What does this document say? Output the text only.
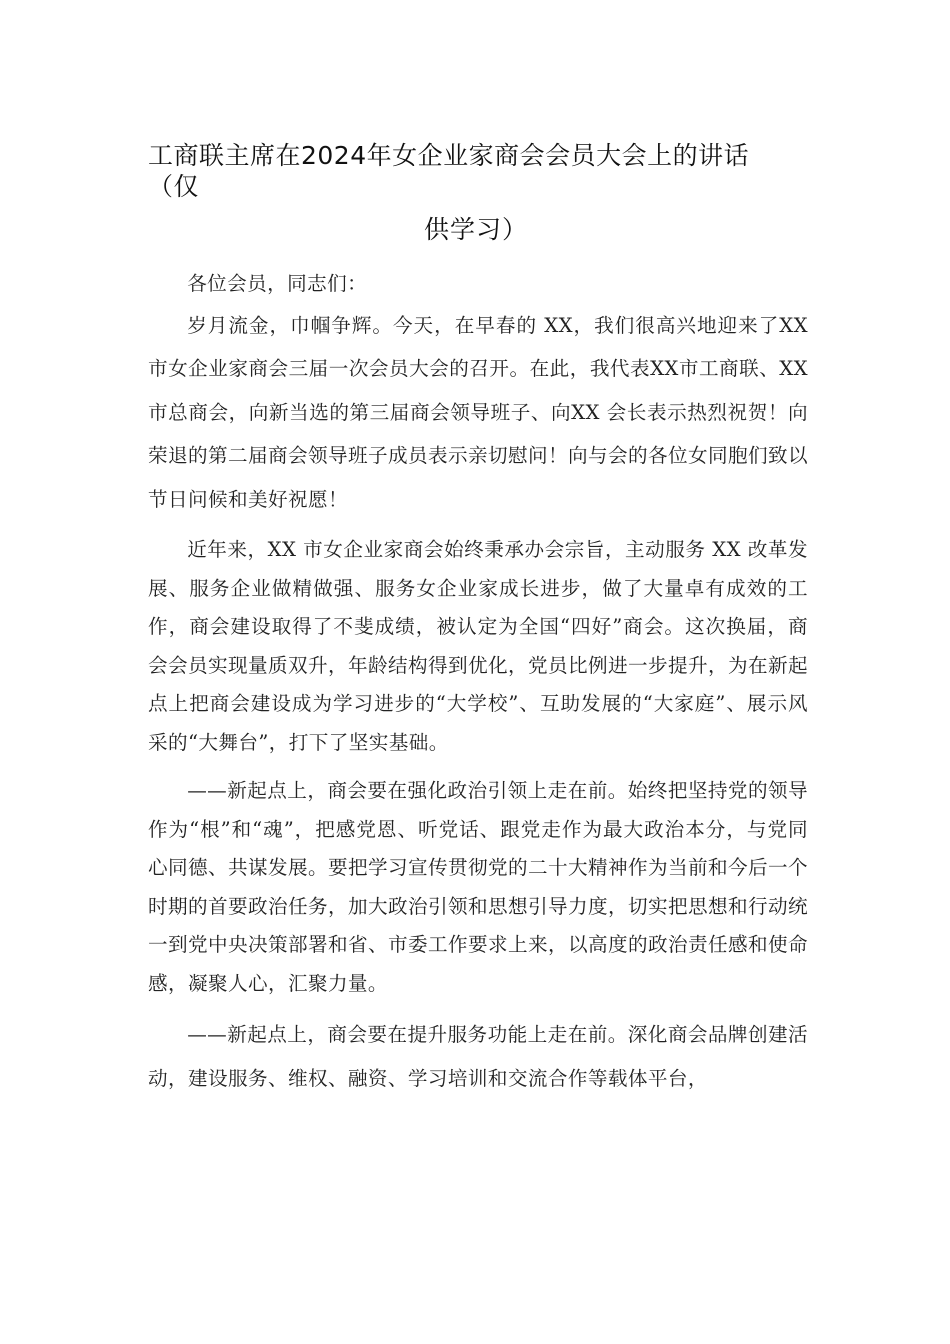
工商联主席在2024年女企业家商会会员大会上的讲话
（仅
供学习）

各位会员，同志们：

岁月流金，巾帼争辉。今天，在早春的 XX，我们很高兴地迎来了XX市女企业家商会三届一次会员大会的召开。在此，我代表XX市工商联、XX 市总商会，向新当选的第三届商会领导班子、向XX 会长表示热烈祝贺！向荣退的第二届商会领导班子成员表示亲切慰问！向与会的各位女同胞们致以节日问候和美好祝愿！

近年来，XX 市女企业家商会始终秉承办会宗旨，主动服务 XX 改革发展、服务企业做精做强、服务女企业家成长进步，做了大量卓有成效的工作，商会建设取得了不斐成绩，被认定为全国“四好”商会。这次换届，商会会员实现量质双升，年龄结构得到优化，党员比例进一步提升，为在新起点上把商会建设成为学习进步的“大学校”、互助发展的“大家庭”、展示风采的“大舞台”，打下了坚实基础。

——新起点上，商会要在强化政治引领上走在前。始终把坚持党的领导作为“根”和“魂”，把感党恩、听党话、跟党走作为最大政治本分，与党同心同德、共谋发展。要把学习宣传贯彻党的二十大精神作为当前和今后一个时期的首要政治任务，加大政治引领和思想引导力度，切实把思想和行动统一到党中央决策部署和省、市委工作要求上来，以高度的政治责任感和使命感，凝聚人心，汇聚力量。

——新起点上，商会要在提升服务功能上走在前。深化商会品牌创建活动，建设服务、维权、融资、学习培训和交流合作等载体平台，
